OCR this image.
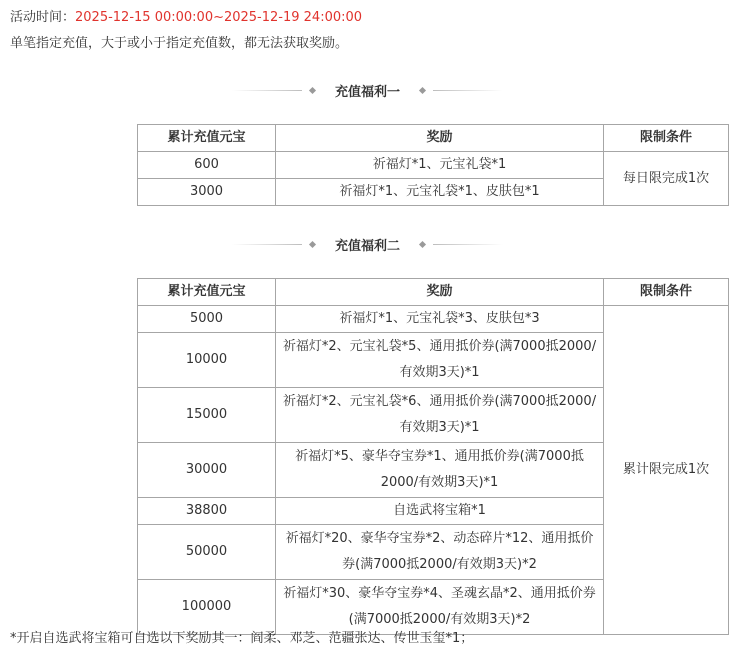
活动时间：2025-12-15 00:00:00~2025-12-19 24:00:00
单笔指定充值，大于或小于指定充值数，都无法获取奖励。
充值福利一
累计充值元宝	奖励	限制条件
600	祈福灯*1、元宝礼袋*1	每日限完成1次
3000	祈福灯*1、元宝礼袋*1、皮肤包*1	
充值福利二
累计充值元宝	奖励	限制条件
5000	祈福灯*1、元宝礼袋*3、皮肤包*3	累计限完成1次
10000	祈福灯*2、元宝礼袋*5、通用抵价券(满7000抵2000/有效期3天)*1	
15000	祈福灯*2、元宝礼袋*6、通用抵价券(满7000抵2000/有效期3天)*1	
30000	祈福灯*5、豪华夺宝券*1、通用抵价券(满7000抵2000/有效期3天)*1	
38800	自选武将宝箱*1	
50000	祈福灯*20、豪华夺宝券*2、动态碎片*12、通用抵价券(满7000抵2000/有效期3天)*2	
100000	祈福灯*30、豪华夺宝券*4、圣魂玄晶*2、通用抵价券(满7000抵2000/有效期3天)*2	
*开启自选武将宝箱可自选以下奖励其一：阎柔、邓芝、范疆张达、传世玉玺*1；
